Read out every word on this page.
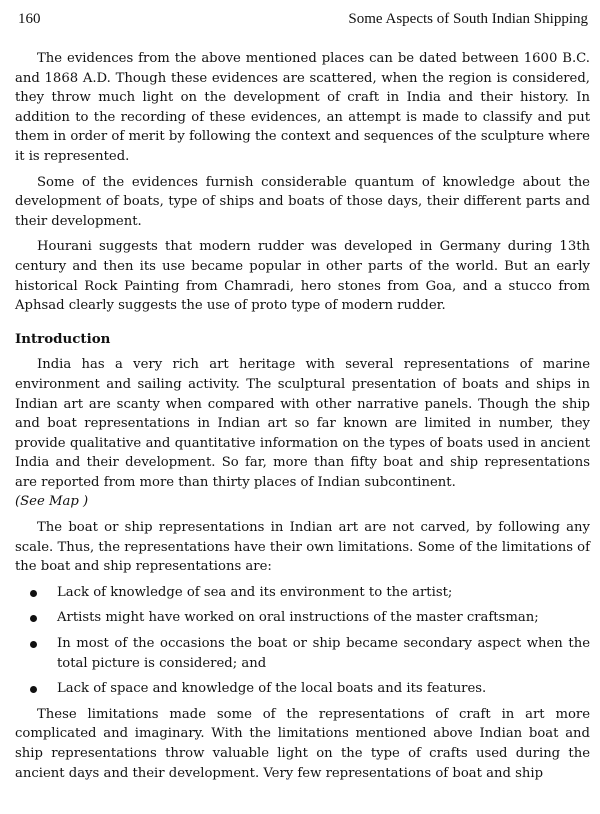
160	Some Aspects of South Indian Shipping

The evidences from the above mentioned places can be dated between 1600 B.C. and 1868 A.D. Though these evidences are scattered, when the region is considered, they throw much light on the development of craft in India and their history. In addition to the recording of these evidences, an attempt is made to classify and put them in order of merit by following the context and sequences of the sculpture where it is represented.

Some of the evidences furnish considerable quantum of knowledge about the development of boats, type of ships and boats of those days, their different parts and their development.

Hourani suggests that modern rudder was developed in Germany during 13th century and then its use became popular in other parts of the world. But an early historical Rock Painting from Chamradi, hero stones from Goa, and a stucco from Aphsad clearly suggests the use of proto type of modern rudder.

Introduction

India has a very rich art heritage with several representations of marine environment and sailing activity. The sculptural presentation of boats and ships in Indian art are scanty when compared with other narrative panels. Though the ship and boat representations in Indian art so far known are limited in number, they provide qualitative and quantitative information on the types of boats used in ancient India and their development. So far, more than fifty boat and ship representations are reported from more than thirty places of Indian subcontinent.

(See Map )

The boat or ship representations in Indian art are not carved, by following any scale. Thus, the representations have their own limitations. Some of the limitations of the boat and ship representations are:

Lack of knowledge of sea and its environment to the artist;
Artists might have worked on oral instructions of the master craftsman;
In most of the occasions the boat or ship became secondary aspect when the total picture is considered; and
Lack of space and knowledge of the local boats and its features.

These limitations made some of the representations of craft in art more complicated and imaginary. With the limitations mentioned above Indian boat and ship representations throw valuable light on the type of crafts used during the ancient days and their development. Very few representations of boat and ship
